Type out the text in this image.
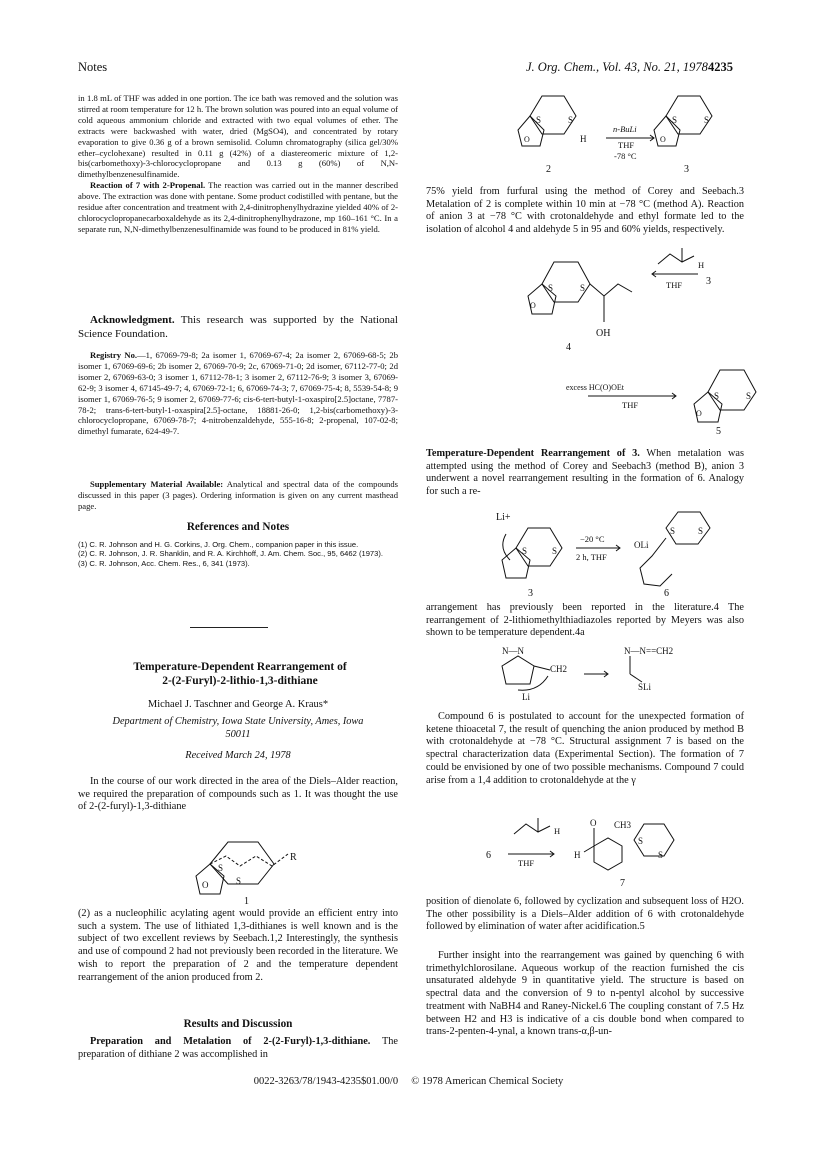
Notes	J. Org. Chem., Vol. 43, No. 21, 1978 4235

in 1.8 mL of THF was added in one portion. The ice bath was removed and the solution was stirred at room temperature for 12 h. The brown solution was poured into an equal volume of cold aqueous ammonium chloride and extracted with two equal volumes of ether. The extracts were backwashed with water, dried (MgSO4), and concentrated by rotary evaporation to give 0.36 g of a brown semisolid. Column chromatography (silica gel/30% ether–cyclohexane) resulted in 0.11 g (42%) of a diastereomeric mixture of 1,2-bis(carbomethoxy)-3-chlorocyclopropane and 0.13 g (60%) of N,N-dimethylbenzenesulfinamide.

Reaction of 7 with 2-Propenal. The reaction was carried out in the manner described above. The extraction was done with pentane. Some product codistilled with pentane, but the residue after concentration and treatment with 2,4-dinitrophenylhydrazine yielded 40% of 2-chlorocyclopropanecarboxaldehyde as its 2,4-dinitrophenylhydrazone, mp 160–161 °C. In a separate run, N,N-dimethylbenzenesulfinamide was found to be produced in 81% yield.

Acknowledgment. This research was supported by the National Science Foundation.

Registry No.—1, 67069-79-8; 2a isomer 1, 67069-67-4; 2a isomer 2, 67069-68-5; 2b isomer 1, 67069-69-6; 2b isomer 2, 67069-70-9; 2c, 67069-71-0; 2d isomer, 67112-77-0; 2d isomer 2, 67069-63-0; 3 isomer 1, 67112-78-1; 3 isomer 2, 67112-76-9; 3 isomer 3, 67069-62-9; 3 isomer 4, 67145-49-7; 4, 67069-72-1; 6, 67069-74-3; 7, 67069-75-4; 8, 5539-54-8; 9 isomer 1, 67069-76-5; 9 isomer 2, 67069-77-6; cis-6-tert-butyl-1-oxaspiro[2.5]octane, 7787-78-2; trans-6-tert-butyl-1-oxaspira[2.5]-octane, 18881-26-0; 1,2-bis(carbomethoxy)-3-chlorocyclopropane, 67069-78-7; 4-nitrobenzaldehyde, 555-16-8; 2-propenal, 107-02-8; dimethyl fumarate, 624-49-7.

Supplementary Material Available: Analytical and spectral data of the compounds discussed in this paper (3 pages). Ordering information is given on any current masthead page.

References and Notes
(1) C. R. Johnson and H. G. Corkins, J. Org. Chem., companion paper in this issue.
(2) C. R. Johnson, J. R. Shanklin, and R. A. Kirchhoff, J. Am. Chem. Soc., 95, 6462 (1973).
(3) C. R. Johnson, Acc. Chem. Res., 6, 341 (1973).
Temperature-Dependent Rearrangement of 2-(2-Furyl)-2-lithio-1,3-dithiane
Michael J. Taschner and George A. Kraus*
Department of Chemistry, Iowa State University, Ames, Iowa 50011
Received March 24, 1978

In the course of our work directed in the area of the Diels–Alder reaction, we required the preparation of compounds such as 1. It was thought the use of 2-(2-furyl)-1,3-dithiane

S
S
O
R
1

(2) as a nucleophilic acylating agent would provide an efficient entry into such a system. The use of lithiated 1,3-dithianes is well known and is the subject of two excellent reviews by Seebach.1,2 Interestingly, the synthesis and use of compound 2 had not previously been recorded in the literature. We wish to report the preparation of 2 and the temperature dependent rearrangement of the anion produced from 2.

Results and Discussion

Preparation and Metalation of 2-(2-Furyl)-1,3-dithiane. The preparation of dithiane 2 was accomplished in

S	S
O	H
S	S
O
n-BuLi
THF
-78 °C
2	3

75% yield from furfural using the method of Corey and Seebach.3 Metalation of 2 is complete within 10 min at −78 °C (method A). Reaction of anion 3 at −78 °C with crotonaldehyde and ethyl formate led to the isolation of alcohol 4 and aldehyde 5 in 95 and 60% yields, respectively.

S	S
O
OH
H
THF 3
4
excess HC(O)OEt
THF
S	S
O
5

Temperature-Dependent Rearrangement of 3. When metalation was attempted using the method of Corey and Seebach3 (method B), anion 3 underwent a novel rearrangement resulting in the formation of 6. Analogy for such a re-

Li+
S	S
−20 °C
2 h, THF
OLi
S	S
3	6

arrangement has previously been reported in the literature.4 The rearrangement of 2-lithiomethylthiadiazoles reported by Meyers was also shown to be temperature dependent.4a

N—N
CH2
Li
N—N==CH2
SLi

Compound 6 is postulated to account for the unexpected formation of ketene thioacetal 7, the result of quenching the anion produced by method B with crotonaldehyde at −78 °C. Structural assignment 7 is based on the spectral characterization data (Experimental Section). The formation of 7 could be envisioned by one of two possible mechanisms. Compound 7 could arise from a 1,4 addition to crotonaldehyde at the γ

H
THF
6
O
H
CH3
S
S
7

position of dienolate 6, followed by cyclization and subsequent loss of H2O. The other possibility is a Diels–Alder addition of 6 with crotonaldehyde followed by elimination of water after acidification.5

Further insight into the rearrangement was gained by quenching 6 with trimethylchlorosilane. Aqueous workup of the reaction furnished the cis unsaturated aldehyde 9 in quantitative yield. The structure is based on spectral data and the conversion of 9 to n-pentyl alcohol by successive treatment with NaBH4 and Raney-Nickel.6 The coupling constant of 7.5 Hz between H2 and H3 is indicative of a cis double bond when compared to trans-2-penten-4-ynal, a known trans-α,β-un-

0022-3263/78/1943-4235$01.00/0 © 1978 American Chemical Society
